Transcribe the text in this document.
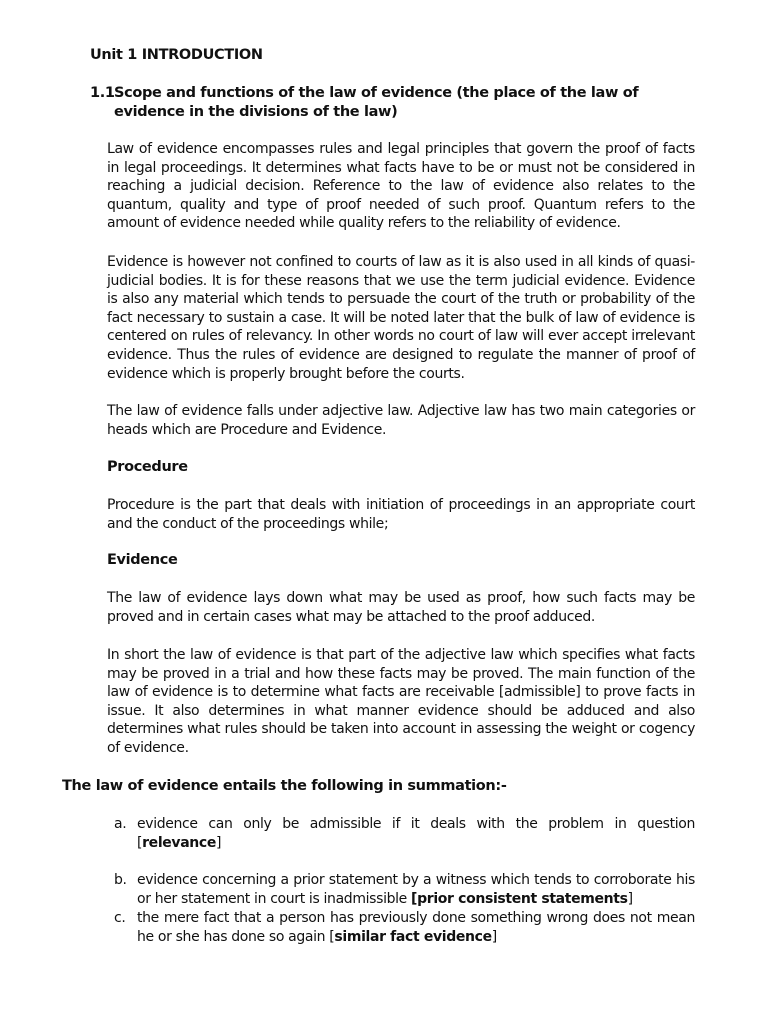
Unit 1 INTRODUCTION
1.1 Scope and functions of the law of evidence (the place of the law of evidence in the divisions of the law)

Law of evidence encompasses rules and legal principles that govern the proof of facts in legal proceedings. It determines what facts have to be or must not be considered in reaching a judicial decision. Reference to the law of evidence also relates to the quantum, quality and type of proof needed of such proof. Quantum refers to the amount of evidence needed while quality refers to the reliability of evidence.

Evidence is however not confined to courts of law as it is also used in all kinds of quasi-judicial bodies. It is for these reasons that we use the term judicial evidence. Evidence is also any material which tends to persuade the court of the truth or probability of the fact necessary to sustain a case. It will be noted later that the bulk of law of evidence is centered on rules of relevancy. In other words no court of law will ever accept irrelevant evidence. Thus the rules of evidence are designed to regulate the manner of proof of evidence which is properly brought before the courts.

The law of evidence falls under adjective law. Adjective law has two main categories or heads which are Procedure and Evidence.

Procedure

Procedure is the part that deals with initiation of proceedings in an appropriate court and the conduct of the proceedings while;

Evidence

The law of evidence lays down what may be used as proof, how such facts may be proved and in certain cases what may be attached to the proof adduced.

In short the law of evidence is that part of the adjective law which specifies what facts may be proved in a trial and how these facts may be proved. The main function of the law of evidence is to determine what facts are receivable [admissible] to prove facts in issue. It also determines in what manner evidence should be adduced and also determines what rules should be taken into account in assessing the weight or cogency of evidence.

The law of evidence entails the following in summation:-
a. evidence can only be admissible if it deals with the problem in question [relevance]
b. evidence concerning a prior statement by a witness which tends to corroborate his or her statement in court is inadmissible [prior consistent statements]
c. the mere fact that a person has previously done something wrong does not mean he or she has done so again [similar fact evidence]
